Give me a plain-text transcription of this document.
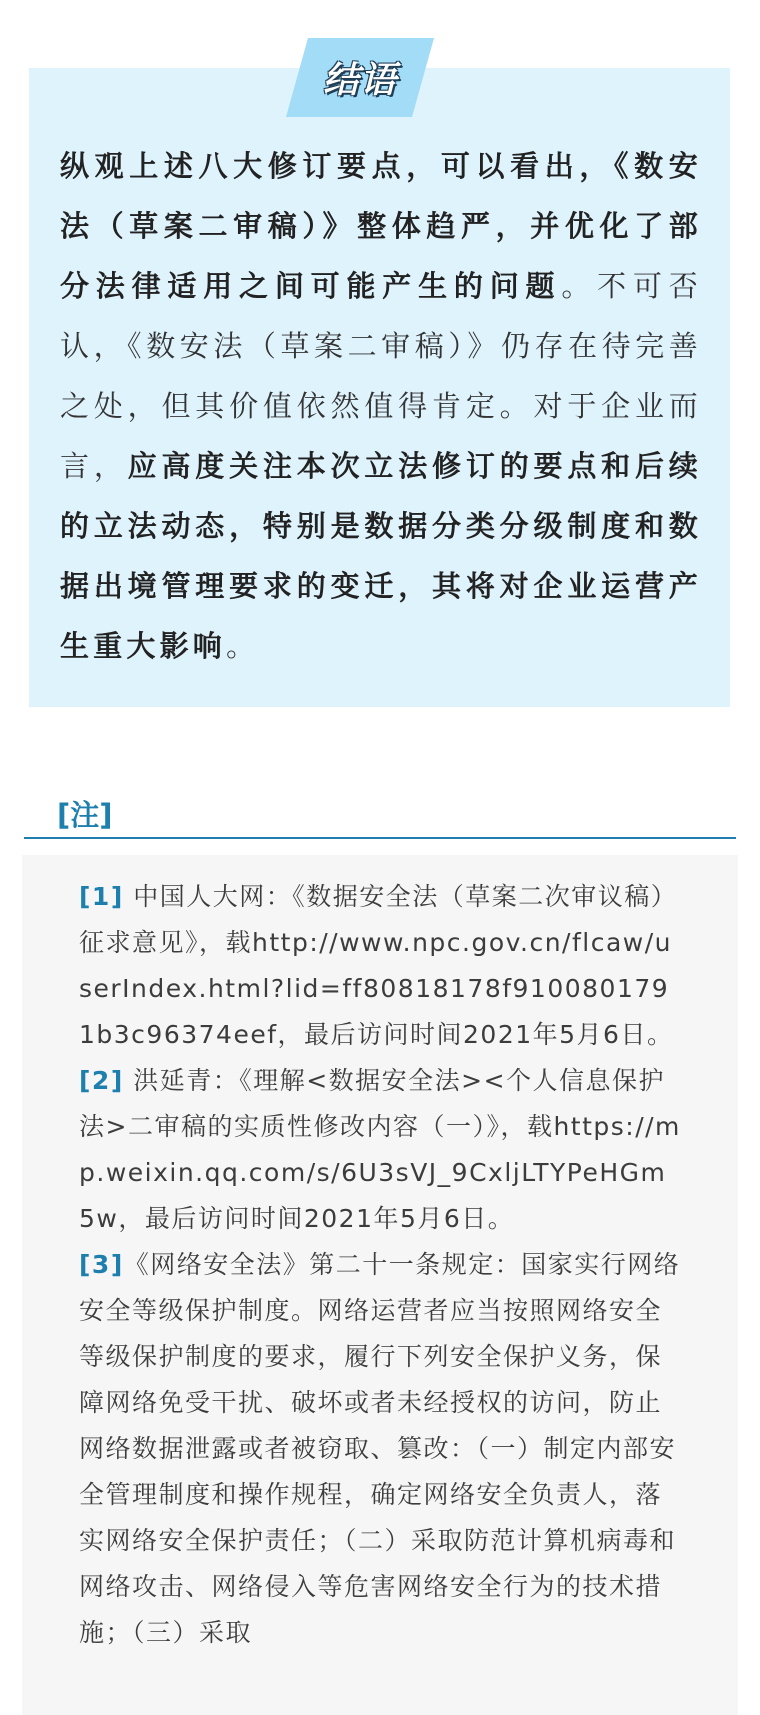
结语

纵观上述八大修订要点，可以看出，《数安法（草案二审稿）》整体趋严，并优化了部分法律适用之间可能产生的问题。不可否认，《数安法（草案二审稿）》仍存在待完善之处，但其价值依然值得肯定。对于企业而言，应高度关注本次立法修订的要点和后续的立法动态，特别是数据分类分级制度和数据出境管理要求的变迁，其将对企业运营产生重大影响。

[注]

[1] 中国人大网：《数据安全法（草案二次审议稿）征求意见》，载http://www.npc.gov.cn/flcaw/userIndex.html?lid=ff80818178f9100801791b3c96374eef，最后访问时间2021年5月6日。

[2] 洪延青：《理解<数据安全法><个人信息保护法>二审稿的实质性修改内容（一）》，载https://mp.weixin.qq.com/s/6U3sVJ_9CxljLTYPeHGm5w，最后访问时间2021年5月6日。

[3]《网络安全法》第二十一条规定：国家实行网络安全等级保护制度。网络运营者应当按照网络安全等级保护制度的要求，履行下列安全保护义务，保障网络免受干扰、破坏或者未经授权的访问，防止网络数据泄露或者被窃取、篡改：（一）制定内部安全管理制度和操作规程，确定网络安全负责人，落实网络安全保护责任；（二）采取防范计算机病毒和网络攻击、网络侵入等危害网络安全行为的技术措施；（三）采取
